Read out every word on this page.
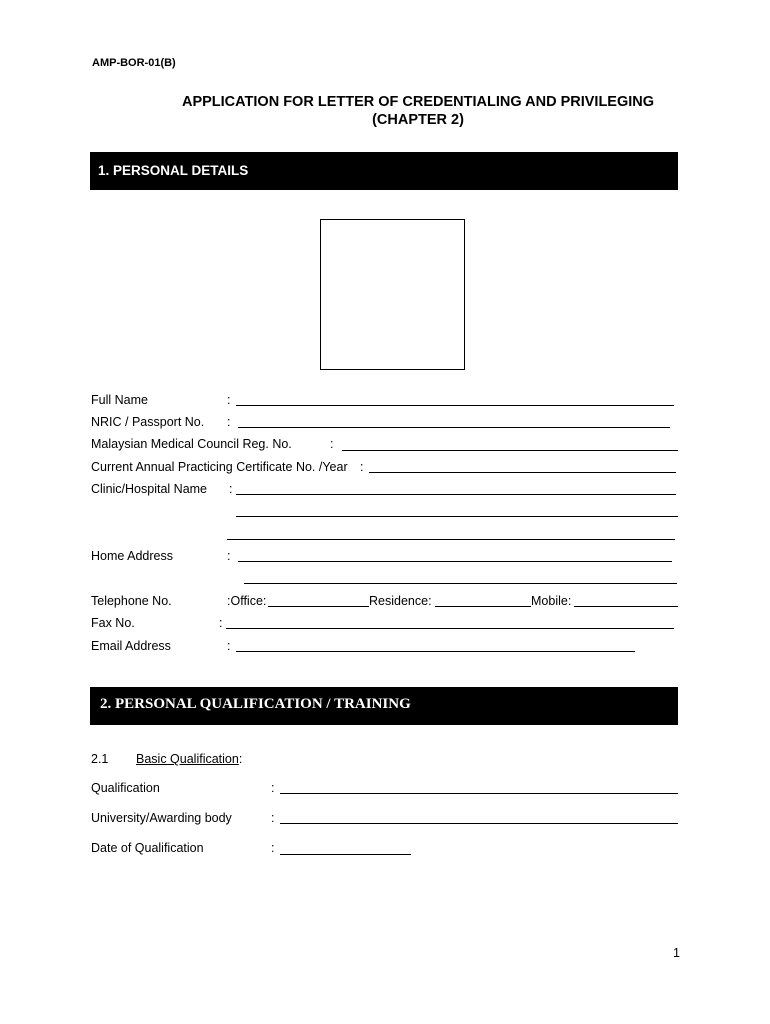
AMP-BOR-01(B)
APPLICATION FOR LETTER OF CREDENTIALING AND PRIVILEGING
(CHAPTER 2)
1. PERSONAL DETAILS
Full Name	:
NRIC / Passport No. :
Malaysian Medical Council Reg. No.	:
Current Annual Practicing Certificate No. /Year :
Clinic/Hospital Name :
Home Address	:
Telephone No.	:Office:	Residence:	Mobile:
Fax No.	:
Email Address	:
2. PERSONAL QUALIFICATION / TRAINING
2.1 Basic Qualification:
Qualification	:
University/Awarding body	:
Date of Qualification	:
1
